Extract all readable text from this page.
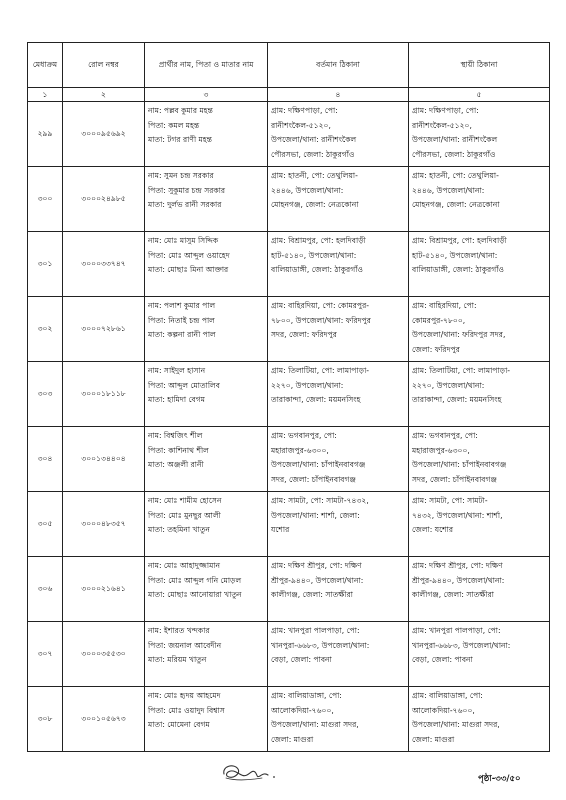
মেধাক্রম	রোল নম্বর	প্রার্থীর নাম, পিতা ও মাতার নাম	বর্তমান ঠিকানা	স্থায়ী ঠিকানা
১	২	৩	৪	৫
২৯৯	৩০০০৯৫৬৯২	নাম: পল্লব কুমার মহন্ত
পিতা: কমল মহন্ত
মাতা: টগর রাণী মহন্ত	গ্রাম: দক্ষিণপাড়া, পো:
রানীশংকৈল-৫১২০,
উপজেলা/থানা: রানীশংকৈল
পৌরসভা, জেলা: ঠাকুরগাঁও	গ্রাম: দক্ষিণপাড়া, পো:
রানীশংকৈল-৫১২০,
উপজেলা/থানা: রানীশংকৈল
পৌরসভা, জেলা: ঠাকুরগাঁও

৩০০	৩০০০২৪৯৮৫	নাম: সুমন চন্দ্র সরকার
পিতা: সুকুমার চন্দ্র সরকার
মাতা: দুর্লভ রানী সরকার	গ্রাম: হাতনী, পো: তেথুলিয়া-
২৪৪৬, উপজেলা/থানা:
মোহনগঞ্জ, জেলা: নেত্রকোনা	গ্রাম: হাতনী, পো: তেথুলিয়া-
২৪৪৬, উপজেলা/থানা:
মোহনগঞ্জ, জেলা: নেত্রকোনা

৩০১	৩০০০৩৩৭৪৭	নাম: মোঃ মাসুম সিদ্দিক
পিতা: মোঃ আব্দুল ওয়াহেদ
মাতা: মোছাঃ মিনা আক্তার	গ্রাম: বিশ্রামপুর, পো: হলদিবাড়ী
হাট-৫১৪০, উপজেলা/থানা:
বালিয়াডাঙ্গী, জেলা: ঠাকুরগাঁও	গ্রাম: বিশ্রামপুর, পো: হলদিবাড়ী
হাট-৫১৪০, উপজেলা/থানা:
বালিয়াডাঙ্গী, জেলা: ঠাকুরগাঁও

৩০২	৩০০০৭২৮৬১	নাম: পলাশ কুমার পাল
পিতা: নিতাই চন্দ্র পাল
মাতা: কল্পনা রানী পাল	গ্রাম: বাহিরদিয়া, পো: কোমরপুর-
৭৮০০, উপজেলা/থানা: ফরিদপুর
সদর, জেলা: ফরিদপুর	গ্রাম: বাহিরদিয়া, পো:
কোমরপুর-৭৮০০,
উপজেলা/থানা: ফরিদপুর সদর,
জেলা: ফরিদপুর

৩০৩	৩০০০১৮১১৮	নাম: সাইদুল হাসান
পিতা: আব্দুল মোতালিব
মাতা: হামিদা বেগম	গ্রাম: তিলাটিয়া, পো: লামাপাড়া-
২২৭০, উপজেলা/থানা:
তারাকান্দা, জেলা: ময়মনসিংহ	গ্রাম: তিলাটিয়া, পো: লামাপাড়া-
২২৭০, উপজেলা/থানা:
তারাকান্দা, জেলা: ময়মনসিংহ

৩০৪	৩০০১৩৪৪০৪	নাম: বিশ্বজিৎ শীল
পিতা: কাশিনাথ শীল
মাতা: অঞ্জলী রানী	গ্রাম: ভগবানপুর, পো:
মহারাজপুর-৬৩০০,
উপজেলা/থানা: চাঁপাইনবাবগঞ্জ
সদর, জেলা: চাঁপাইনবাবগঞ্জ	গ্রাম: ভগবানপুর, পো:
মহারাজপুর-৬৩০০,
উপজেলা/থানা: চাঁপাইনবাবগঞ্জ
সদর, জেলা: চাঁপাইনবাবগঞ্জ

৩০৫	৩০০০৪৮৩৫৭	নাম: মোঃ শামীম হোসেন
পিতা: মোঃ মুনছুর আলী
মাতা: তহমিনা খাতুন	গ্রাম: সামটা, পো: সামটা-৭৪৩২,
উপজেলা/থানা: শার্শা, জেলা:
যশোর	গ্রাম: সামটা, পো: সামটা-
৭৪৩২, উপজেলা/থানা: শার্শা,
জেলা: যশোর

৩০৬	৩০০০২১৬৪১	নাম: মোঃ আহাদুজ্জামান
পিতা: মোঃ আব্দুল গনি মোড়ল
মাতা: মোছাঃ আনোয়ারা খাতুন	গ্রাম: দক্ষিণ শ্রীপুর, পো: দক্ষিণ
শ্রীপুর-৯৪৪০, উপজেলা/থানা:
কালীগঞ্জ, জেলা: সাতক্ষীরা	গ্রাম: দক্ষিণ শ্রীপুর, পো: দক্ষিণ
শ্রীপুর-৯৪৪০, উপজেলা/থানা:
কালীগঞ্জ, জেলা: সাতক্ষীরা

৩০৭	৩০০০৩৫৫৩০	নাম: ইশারত খন্দকার
পিতা: জয়নাল আবেদীন
মাতা: মরিয়ম খাতুন	গ্রাম: খানপুরা পালপাড়া, পো:
খানপুরা-৬৬৮৩, উপজেলা/থানা:
বেড়া, জেলা: পাবনা	গ্রাম: খানপুরা পালপাড়া, পো:
খানপুরা-৬৬৮৩, উপজেলা/থানা:
বেড়া, জেলা: পাবনা

৩০৮	৩০০১০৫৬৭৩	নাম: মোঃ হৃদয় আহমেদ
পিতা: মোঃ ওয়াদুদ বিশ্বাস
মাতা: মোমেনা বেগম	গ্রাম: বালিয়াডাঙ্গা, পো:
আলোকদিয়া-৭৬০০,
উপজেলা/থানা: মাগুরা সদর,
জেলা: মাগুরা	গ্রাম: বালিয়াডাঙ্গা, পো:
আলোকদিয়া-৭৬০০,
উপজেলা/থানা: মাগুরা সদর,
জেলা: মাগুরা
পৃষ্ঠা-৩৩/৫০
